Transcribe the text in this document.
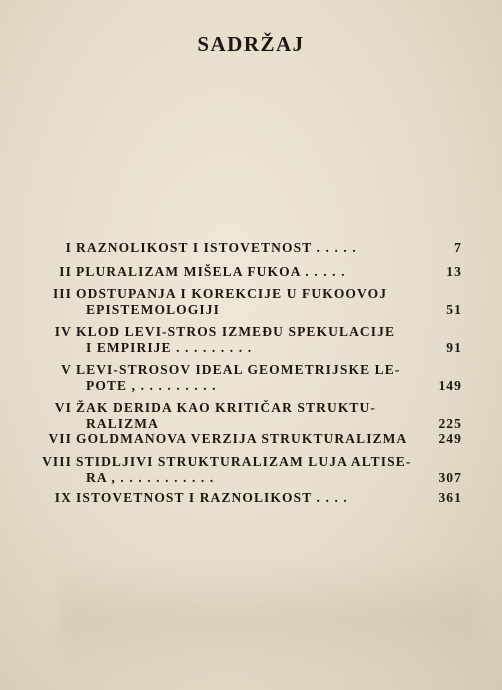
SADRŽAJ
I RAZNOLIKOST I ISTOVETNOST . . . . .	7
II PLURALIZAM MIŠELA FUKOA . . . . .	13
III ODSTUPANJA I KOREKCIJE U FUKOOVOJ
EPISTEMOLOGIJI	51
IV KLOD LEVI-STROS IZMEĐU SPEKULACIJE
I EMPIRIJE . . . . . . . . .	91
V LEVI-STROSOV IDEAL GEOMETRIJSKE LE-
POTE , . . . . . . . . .	149
VI ŽAK DERIDA KAO KRITIČAR STRUKTU-
RALIZMA	225
VII GOLDMANOVA VERZIJA STRUKTURALIZMA 249
VIII STIDLJIVI STRUKTURALIZAM LUJA ALTISE-
RA , . . . . . . . . . . .	307
IX ISTOVETNOST I RAZNOLIKOST . . . .	361
